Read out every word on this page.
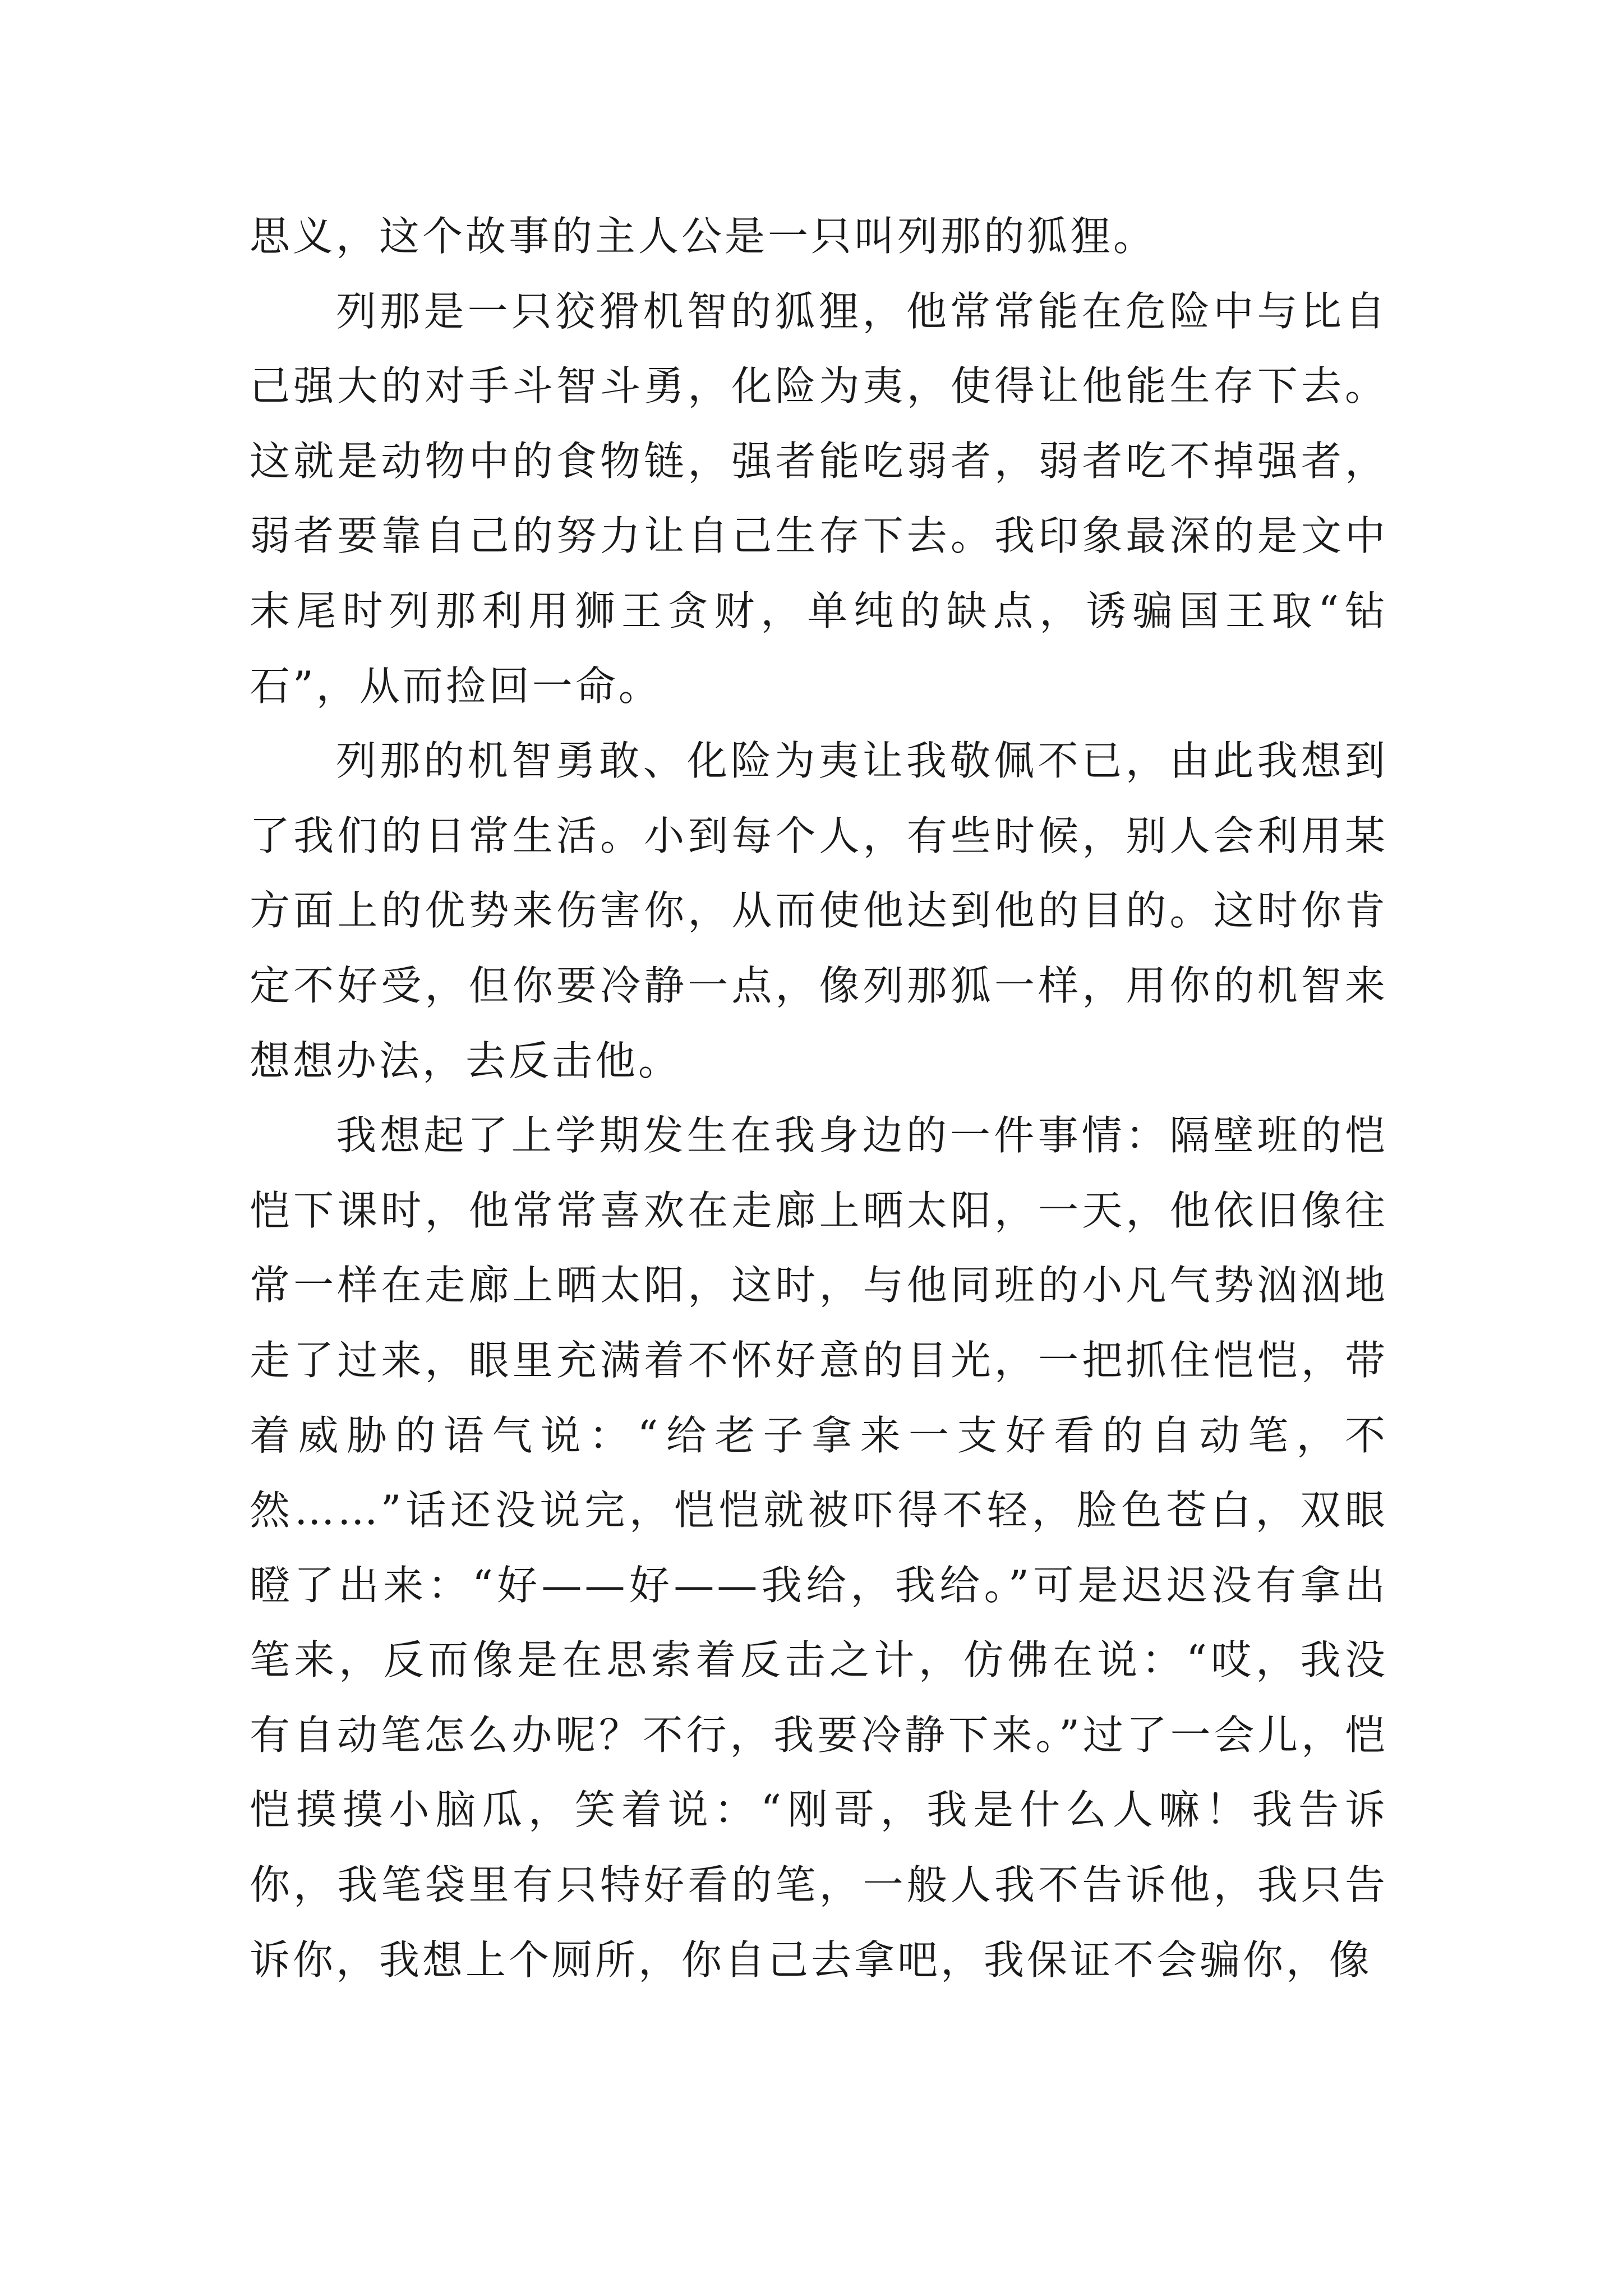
思义，这个故事的主人公是一只叫列那的狐狸。

列那是一只狡猾机智的狐狸，他常常能在危险中与比自己强大的对手斗智斗勇，化险为夷，使得让他能生存下去。这就是动物中的食物链，强者能吃弱者，弱者吃不掉强者，弱者要靠自己的努力让自己生存下去。我印象最深的是文中末尾时列那利用狮王贪财，单纯的缺点，诱骗国王取“钻石”，从而捡回一命。

列那的机智勇敢、化险为夷让我敬佩不已，由此我想到了我们的日常生活。小到每个人，有些时候，别人会利用某方面上的优势来伤害你，从而使他达到他的目的。这时你肯定不好受，但你要冷静一点，像列那狐一样，用你的机智来想想办法，去反击他。

我想起了上学期发生在我身边的一件事情：隔壁班的恺恺下课时，他常常喜欢在走廊上晒太阳，一天，他依旧像往常一样在走廊上晒太阳，这时，与他同班的小凡气势汹汹地走了过来，眼里充满着不怀好意的目光，一把抓住恺恺，带着威胁的语气说：“给老子拿来一支好看的自动笔，不然……”话还没说完，恺恺就被吓得不轻，脸色苍白，双眼瞪了出来：“好——好——我给，我给。”可是迟迟没有拿出笔来，反而像是在思索着反击之计，仿佛在说：“哎，我没有自动笔怎么办呢？不行，我要冷静下来。”过了一会儿，恺恺摸摸小脑瓜，笑着说：“刚哥，我是什么人嘛！我告诉你，我笔袋里有只特好看的笔，一般人我不告诉他，我只告诉你，我想上个厕所，你自己去拿吧，我保证不会骗你，像
